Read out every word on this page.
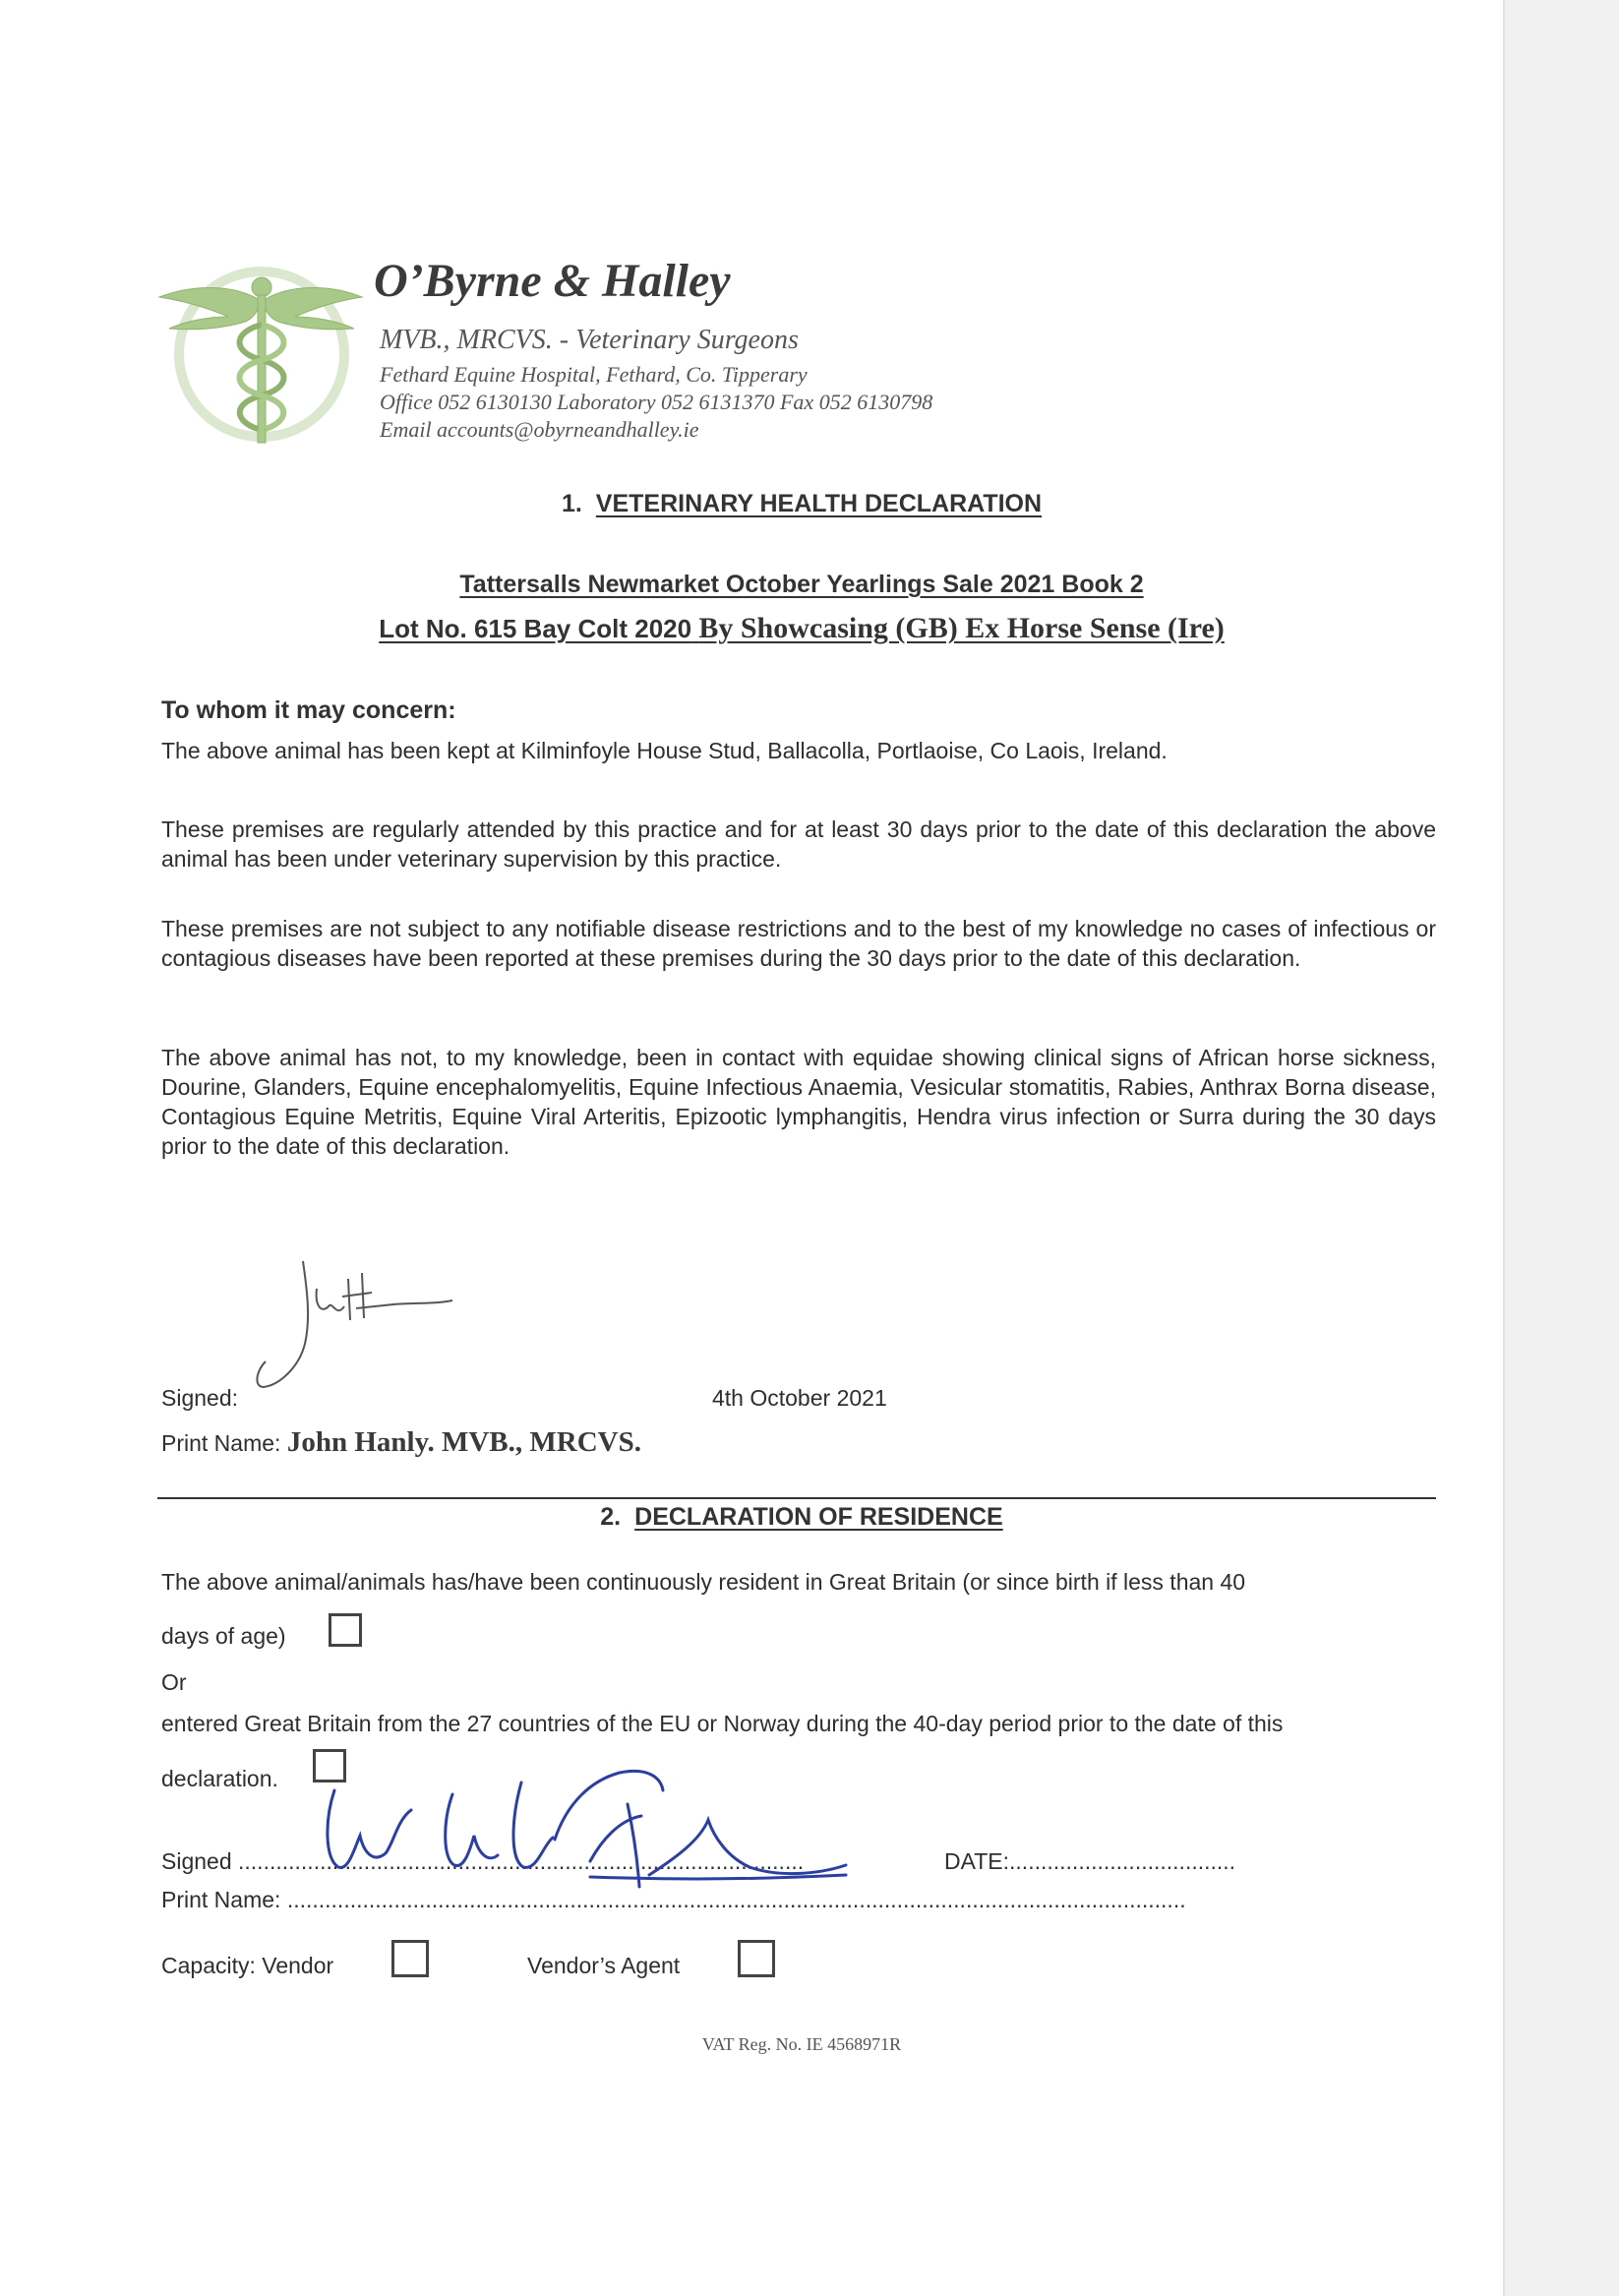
O’Byrne & Halley
MVB., MRCVS. - Veterinary Surgeons
Fethard Equine Hospital, Fethard, Co. Tipperary
Office 052 6130130 Laboratory 052 6131370 Fax 052 6130798
Email accounts@obyrneandhalley.ie
1. VETERINARY HEALTH DECLARATION
Tattersalls Newmarket October Yearlings Sale 2021 Book 2
Lot No. 615 Bay Colt 2020 By Showcasing (GB) Ex Horse Sense (Ire)
To whom it may concern:
The above animal has been kept at Kilminfoyle House Stud, Ballacolla, Portlaoise, Co Laois, Ireland.
These premises are regularly attended by this practice and for at least 30 days prior to the date of this declaration the above animal has been under veterinary supervision by this practice.
These premises are not subject to any notifiable disease restrictions and to the best of my knowledge no cases of infectious or contagious diseases have been reported at these premises during the 30 days prior to the date of this declaration.
The above animal has not, to my knowledge, been in contact with equidae showing clinical signs of African horse sickness, Dourine, Glanders, Equine encephalomyelitis, Equine Infectious Anaemia, Vesicular stomatitis, Rabies, Anthrax Borna disease, Contagious Equine Metritis, Equine Viral Arteritis, Epizootic lymphangitis, Hendra virus infection or Surra during the 30 days prior to the date of this declaration.
Signed:	4th October 2021
Print Name: John Hanly. MVB., MRCVS.
2. DECLARATION OF RESIDENCE
The above animal/animals has/have been continuously resident in Great Britain (or since birth if less than 40
days of age)
Or
entered Great Britain from the 27 countries of the EU or Norway during the 40-day period prior to the date of this
declaration.
Signed ..........................................................................................	DATE:....................................
Print Name: ...............................................................................................................................................
Capacity: Vendor	Vendor’s Agent
VAT Reg. No. IE 4568971R
